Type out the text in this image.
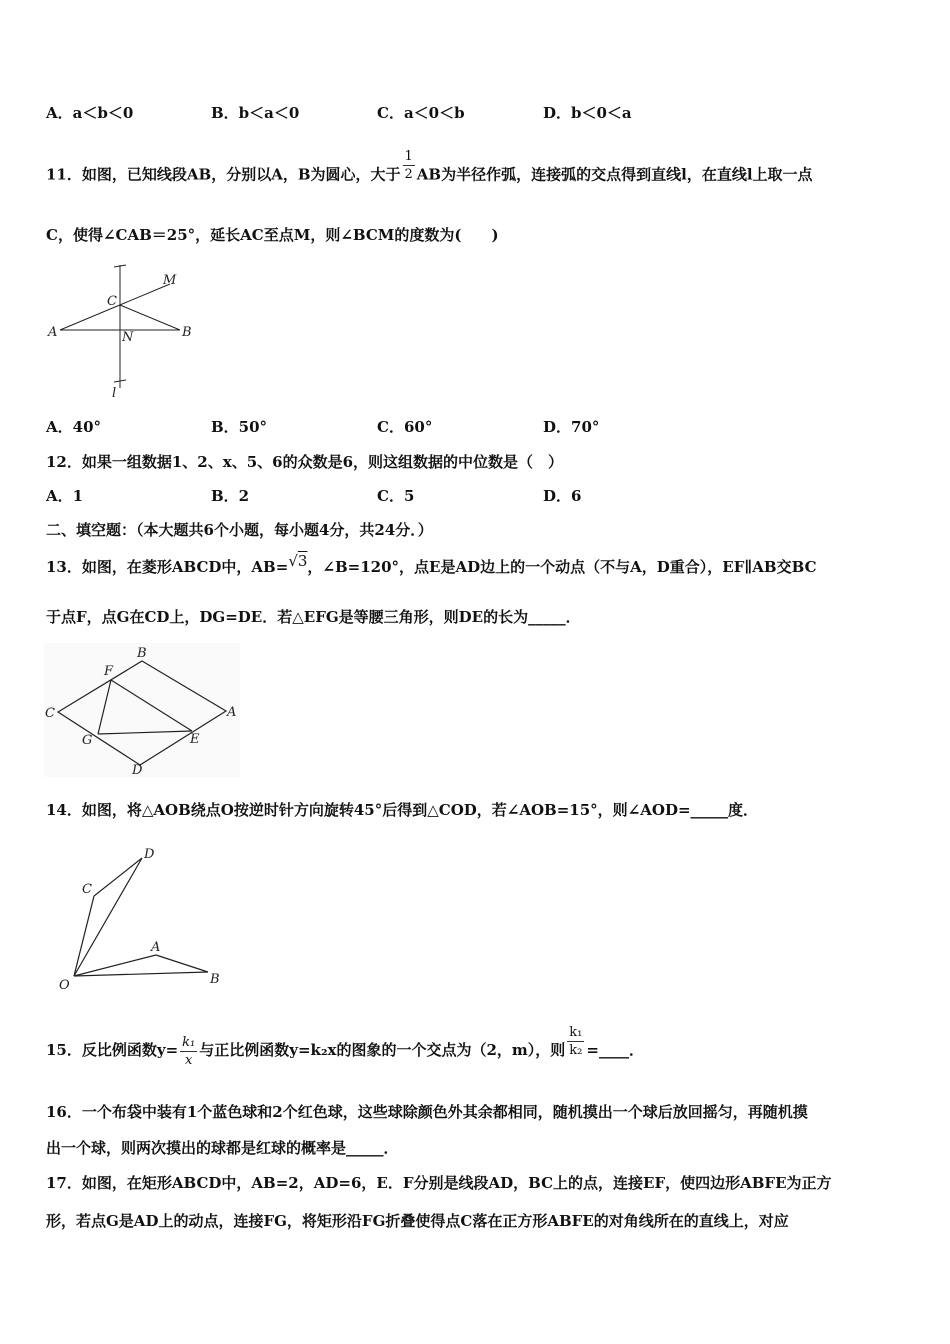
A．a＜b＜0	B．b＜a＜0	C．a＜0＜b	D．b＜0＜a
11．如图，已知线段AB，分别以A，B为圆心，大于 $\frac{1}{2}$ AB为半径作弧，连接弧的交点得到直线l，在直线l上取一点
C，使得∠CAB＝25°，延长AC至点M，则∠BCM的度数为(　　)
M
C
A	N	B
l
A．40°	B．50°	C．60°	D．70°
12．如果一组数据1、2、x、5、6的众数是6，则这组数据的中位数是（　）
A．1	B．2	C．5	D．6
二、填空题：（本大题共6个小题，每小题4分，共24分．）
13．如图，在菱形ABCD中，AB=√3，∠B=120°，点E是AD边上的一个动点（不与A，D重合），EF∥AB交BC
于点F，点G在CD上，DG=DE．若△EFG是等腰三角形，则DE的长为_____．
B
F
C	A
G	E
D
14．如图，将△AOB绕点O按逆时针方向旋转45°后得到△COD，若∠AOB=15°，则∠AOD=_____度．
D
C
A
O	B
15．反比例函数$y= \frac{\text{k₁}}{x}$ 与正比例函数y=k₂x的图象的一个交点为（2，m），则 $\frac{\text{k₁}}{\text{k₂}}$ =____．
16．一个布袋中装有1个蓝色球和2个红色球，这些球除颜色外其余都相同，随机摸出一个球后放回摇匀，再随机摸
出一个球，则两次摸出的球都是红球的概率是_____．
17．如图，在矩形ABCD中，AB=2，AD=6，E．F分别是线段AD，BC上的点，连接EF，使四边形ABFE为正方
形，若点G是AD上的动点，连接FG，将矩形沿FG折叠使得点C落在正方形ABFE的对角线所在的直线上，对应
